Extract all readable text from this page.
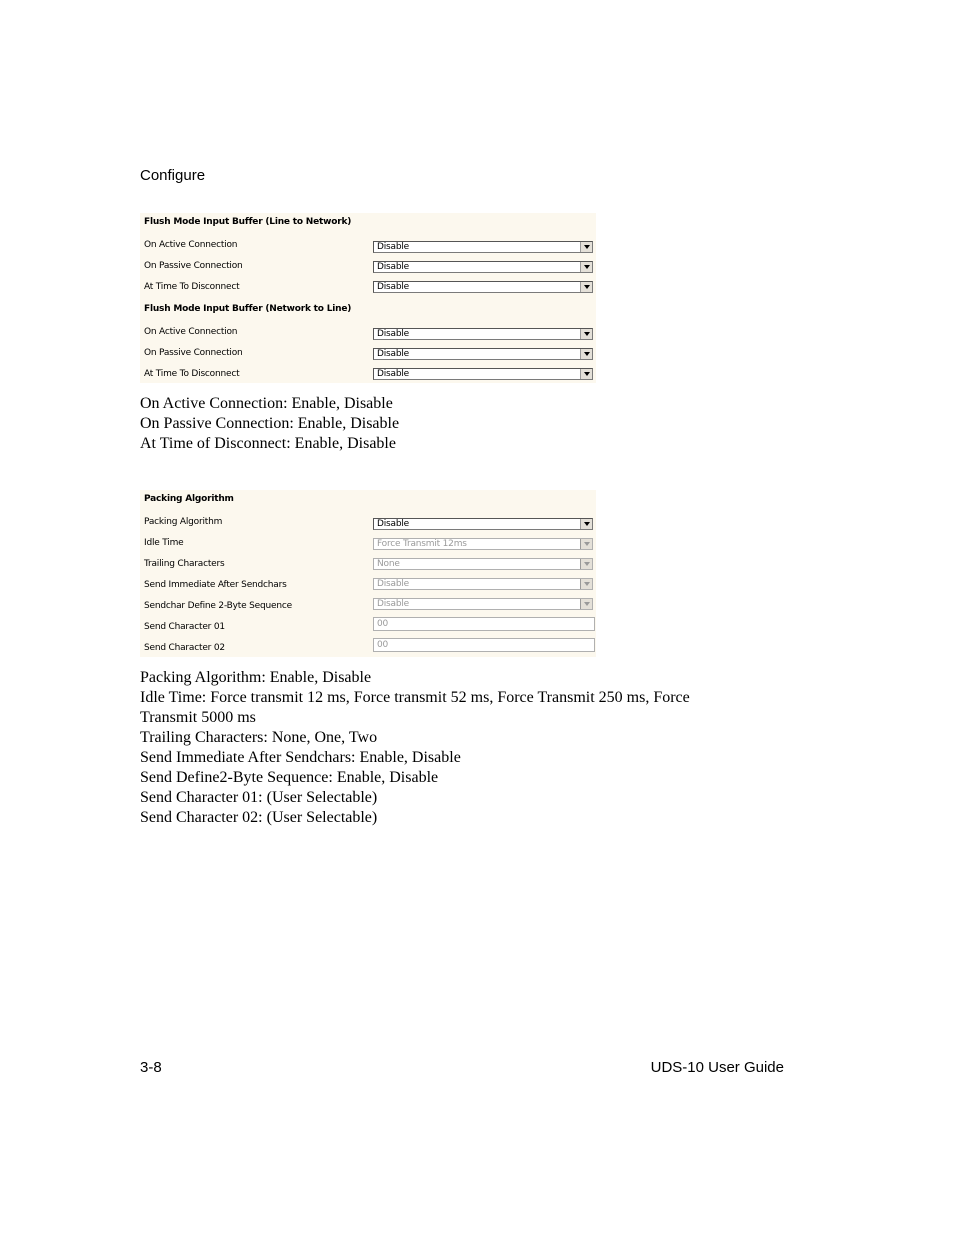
Configure
Flush Mode Input Buffer (Line to Network)
On Active Connection	Disable
On Passive Connection	Disable
At Time To Disconnect	Disable
Flush Mode Input Buffer (Network to Line)
On Active Connection	Disable
On Passive Connection	Disable
At Time To Disconnect	Disable
On Active Connection: Enable, Disable
On Passive Connection: Enable, Disable
At Time of Disconnect: Enable, Disable
Packing Algorithm
Packing Algorithm	Disable
Idle Time	Force Transmit 12ms
Trailing Characters	None
Send Immediate After Sendchars	Disable
Sendchar Define 2-Byte Sequence	Disable
Send Character 01	00
Send Character 02	00
Packing Algorithm: Enable, Disable
Idle Time: Force transmit 12 ms, Force transmit 52 ms, Force Transmit 250 ms, Force Transmit 5000 ms
Trailing Characters: None, One, Two
Send Immediate After Sendchars: Enable, Disable
Send Define2-Byte Sequence: Enable, Disable
Send Character 01: (User Selectable)
Send Character 02: (User Selectable)
3-8	UDS-10 User Guide
